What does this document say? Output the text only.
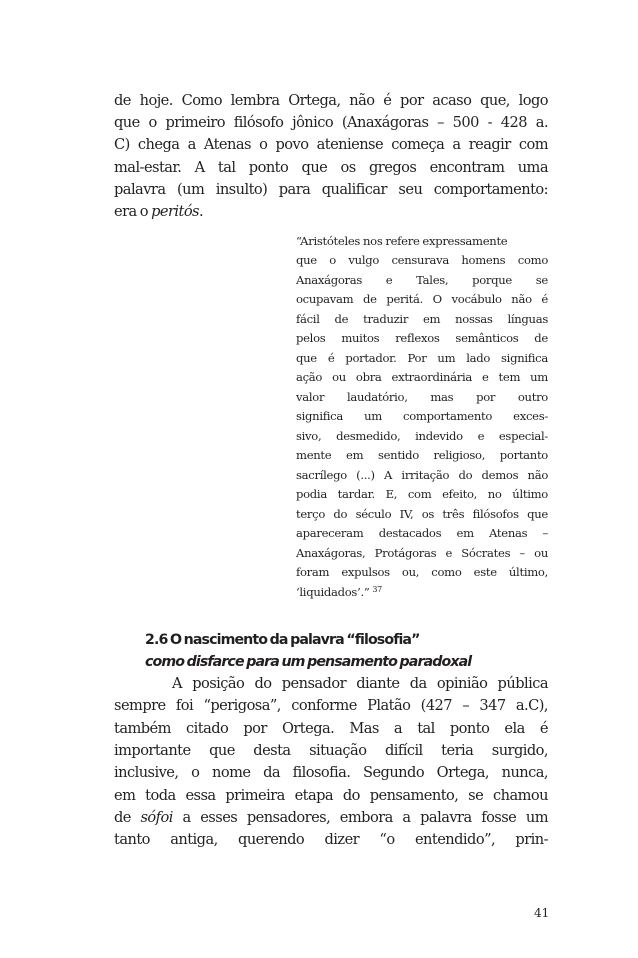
de hoje. Como lembra Ortega, não é por acaso que, logo
que o primeiro filósofo jônico (Anaxágoras – 500 - 428 a.
C) chega a Atenas o povo ateniense começa a reagir com
mal-estar. A tal ponto que os gregos encontram uma
palavra (um insulto) para qualificar seu comportamento:
era o peritós.
“Aristóteles nos refere expressamente
que o vulgo censurava homens como
Anaxágoras e Tales, porque se
ocupavam de peritá. O vocábulo não é
fácil de traduzir em nossas línguas
pelos muitos reflexos semânticos de
que é portador. Por um lado significa
ação ou obra extraordinária e tem um
valor laudatório, mas por outro
significa um comportamento exces-
sivo, desmedido, indevido e especial-
mente em sentido religioso, portanto
sacrílego (...) A irritação do demos não
podia tardar. E, com efeito, no último
terço do século IV, os três filósofos que
apareceram destacados em Atenas –
Anaxágoras, Protágoras e Sócrates – ou
foram expulsos ou, como este último,
‘liquidados’.” $^{37}$
2.6 O nascimento da palavra “filosofia”
como disfarce para um pensamento paradoxal
A posição do pensador diante da opinião pública
sempre foi “perigosa”, conforme Platão (427 – 347 a.C),
também citado por Ortega. Mas a tal ponto ela é
importante que desta situação difícil teria surgido,
inclusive, o nome da filosofia. Segundo Ortega, nunca,
em toda essa primeira etapa do pensamento, se chamou
de sófoi a esses pensadores, embora a palavra fosse um
tanto antiga, querendo dizer “o entendido”, prin-
41
